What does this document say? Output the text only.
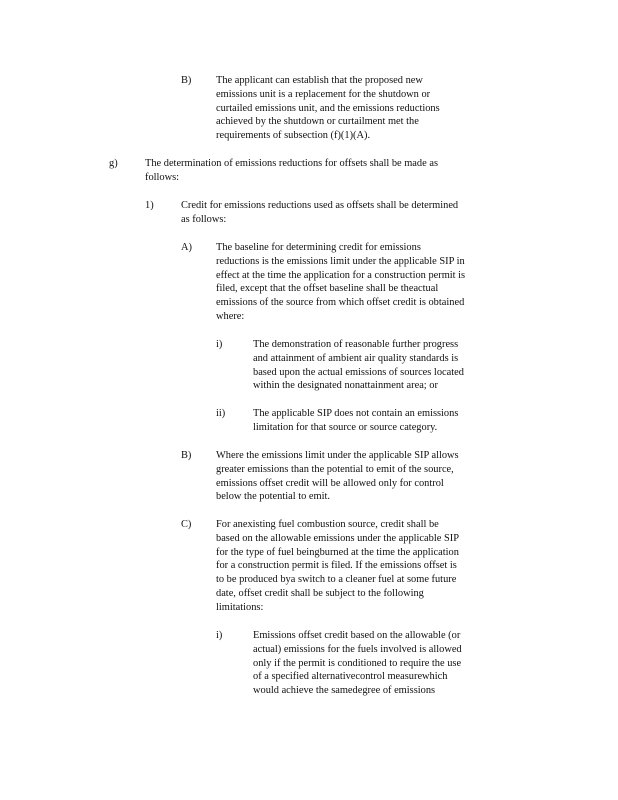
B) The applicant can establish that the proposed new
emissions unit is a replacement for the shutdown or
curtailed emissions unit, and the emissions reductions
achieved by the shutdown or curtailment met the
requirements of subsection (f)(1)(A).
g)	The determination of emissions reductions for offsets shall be made as
follows:
1)	Credit for emissions reductions used as offsets shall be determined
as follows:
A) The baseline for determining credit for emissions
reductions is the emissions limit under the applicable SIP in
effect at the time the application for a construction permit is
filed, except that the offset baseline shall be theactual
emissions of the source from which offset credit is obtained
where:
i)	The demonstration of reasonable further progress
and attainment of ambient air quality standards is
based upon the actual emissions of sources located
within the designated nonattainment area; or
ii)	The applicable SIP does not contain an emissions
limitation for that source or source category.
B) Where the emissions limit under the applicable SIP allows
greater emissions than the potential to emit of the source,
emissions offset credit will be allowed only for control
below the potential to emit.
C) For anexisting fuel combustion source, credit shall be
based on the allowable emissions under the applicable SIP
for the type of fuel beingburned at the time the application
for a construction permit is filed. If the emissions offset is
to be produced bya switch to a cleaner fuel at some future
date, offset credit shall be subject to the following
limitations:
i)	Emissions offset credit based on the allowable (or
actual) emissions for the fuels involved is allowed
only if the permit is conditioned to require the use
of a specified alternativecontrol measurewhich
would achieve the samedegree of emissions
